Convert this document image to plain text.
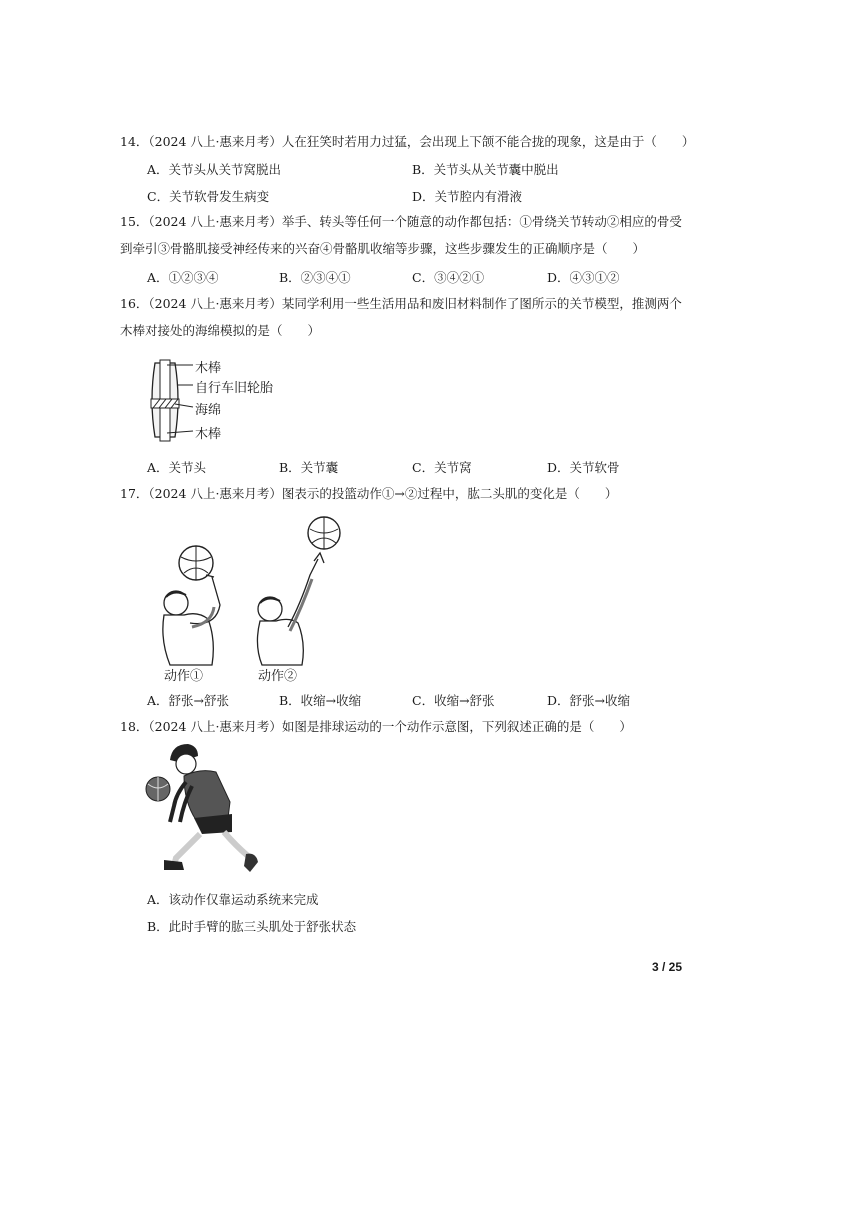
14．（2024 八上·惠来月考）人在狂笑时若用力过猛，会出现上下颌不能合拢的现象，这是由于（　　）
A．关节头从关节窝脱出	B．关节头从关节囊中脱出
C．关节软骨发生病变	D．关节腔内有滑液
15．（2024 八上·惠来月考）举手、转头等任何一个随意的动作都包括：①骨绕关节转动②相应的骨受
到牵引③骨骼肌接受神经传来的兴奋④骨骼肌收缩等步骤，这些步骤发生的正确顺序是（　　）
A．①②③④	B．②③④①	C．③④②①	D．④③①②
16．（2024 八上·惠来月考）某同学利用一些生活用品和废旧材料制作了图所示的关节模型，推测两个
木棒对接处的海绵模拟的是（　　）
木棒
自行车旧轮胎
海绵
木棒
A．关节头	B．关节囊	C．关节窝	D．关节软骨
17．（2024 八上·惠来月考）图表示的投篮动作①→②过程中，肱二头肌的变化是（　　）
动作①	动作②
A．舒张→舒张	B．收缩→收缩	C．收缩→舒张	D．舒张→收缩
18．（2024 八上·惠来月考）如图是排球运动的一个动作示意图，下列叙述正确的是（　　）
A．该动作仅靠运动系统来完成
B．此时手臂的肱三头肌处于舒张状态
3 / 25
